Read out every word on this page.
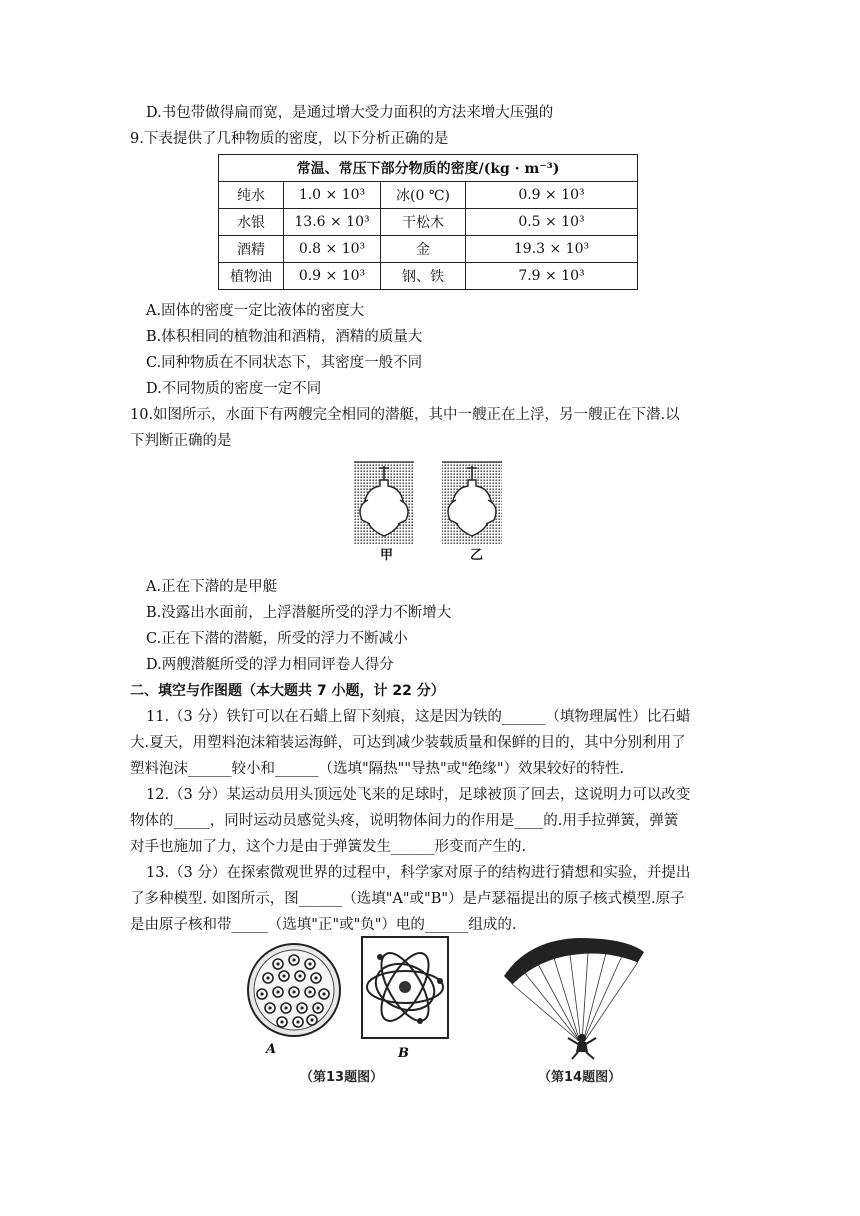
D.书包带做得扁而宽，是通过增大受力面积的方法来增大压强的
9.下表提供了几种物质的密度，以下分析正确的是
常温、常压下部分物质的密度/(kg · m⁻³)			
纯水	1.0 × 10³	冰(0 ℃)	0.9 × 10³
水银	13.6 × 10³	干松木	0.5 × 10³
酒精	0.8 × 10³	金	19.3 × 10³
植物油	0.9 × 10³	钢、铁	7.9 × 10³
A.固体的密度一定比液体的密度大
B.体积相同的植物油和酒精，酒精的质量大
C.同种物质在不同状态下，其密度一般不同
D.不同物质的密度一定不同
10.如图所示，水面下有两艘完全相同的潜艇，其中一艘正在上浮，另一艘正在下潜.以
下判断正确的是
甲	乙
A.正在下潜的是甲艇
B.没露出水面前，上浮潜艇所受的浮力不断增大
C.正在下潜的潜艇，所受的浮力不断减小
D.两艘潜艇所受的浮力相同评卷人得分
二、填空与作图题（本大题共 7 小题，计 22 分）
11.（3 分）铁钉可以在石蜡上留下刻痕，这是因为铁的______（填物理属性）比石蜡
大.夏天，用塑料泡沫箱装运海鲜，可达到减少装载质量和保鲜的目的，其中分别利用了
塑料泡沫______较小和______（选填"隔热""导热"或"绝缘"）效果较好的特性.
12.（3 分）某运动员用头顶远处飞来的足球时，足球被顶了回去，这说明力可以改变
物体的_____，同时运动员感觉头疼，说明物体间力的作用是____的.用手拉弹簧，弹簧
对手也施加了力，这个力是由于弹簧发生______形变而产生的.
13.（3 分）在探索微观世界的过程中，科学家对原子的结构进行猜想和实验，并提出
了多种模型. 如图所示，图______（选填"A"或"B"）是卢瑟福提出的原子核式模型.原子
是由原子核和带_____（选填"正"或"负"）电的______组成的.
A	B
（第13题图）	（第14题图）
